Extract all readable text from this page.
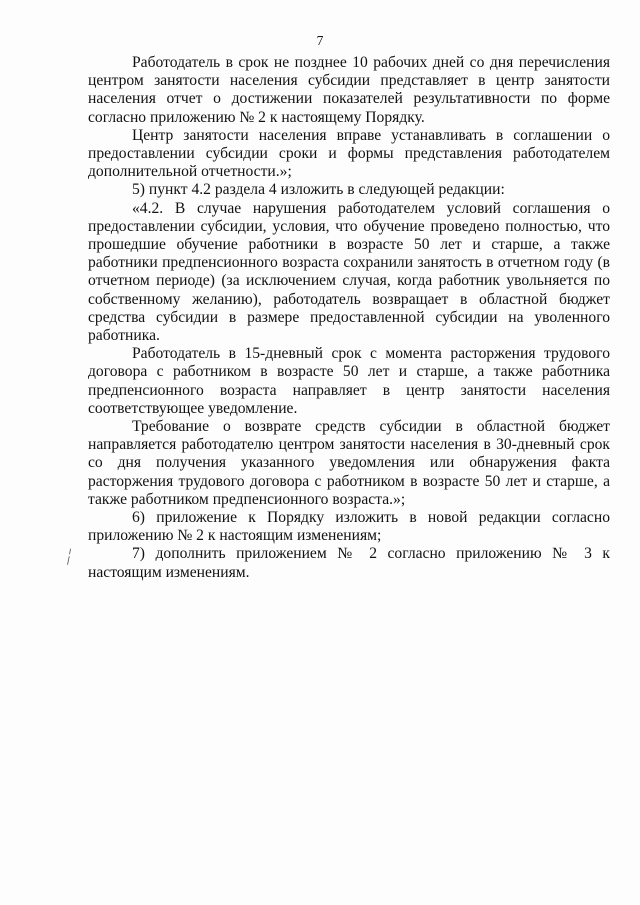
7

Работодатель в срок не позднее 10 рабочих дней со дня перечисления центром занятости населения субсидии представляет в центр занятости населения отчет о достижении показателей результативности по форме согласно приложению № 2 к настоящему Порядку.

Центр занятости населения вправе устанавливать в соглашении о предоставлении субсидии сроки и формы представления работодателем дополнительной отчетности.»;

5) пункт 4.2 раздела 4 изложить в следующей редакции:

«4.2. В случае нарушения работодателем условий соглашения о предоставлении субсидии, условия, что обучение проведено полностью, что прошедшие обучение работники в возрасте 50 лет и старше, а также работники предпенсионного возраста сохранили занятость в отчетном году (в отчетном периоде) (за исключением случая, когда работник увольняется по собственному желанию), работодатель возвращает в областной бюджет средства субсидии в размере предоставленной субсидии на уволенного работника.

Работодатель в 15-дневный срок с момента расторжения трудового договора с работником в возрасте 50 лет и старше, а также работника предпенсионного возраста направляет в центр занятости населения соответствующее уведомление.

Требование о возврате средств субсидии в областной бюджет направляется работодателю центром занятости населения в 30-дневный срок со дня получения указанного уведомления или обнаружения факта расторжения трудового договора с работником в возрасте 50 лет и старше, а также работником предпенсионного возраста.»;

6) приложение к Порядку изложить в новой редакции согласно приложению № 2 к настоящим изменениям;

7) дополнить приложением № 2 согласно приложению № 3 к настоящим изменениям.
